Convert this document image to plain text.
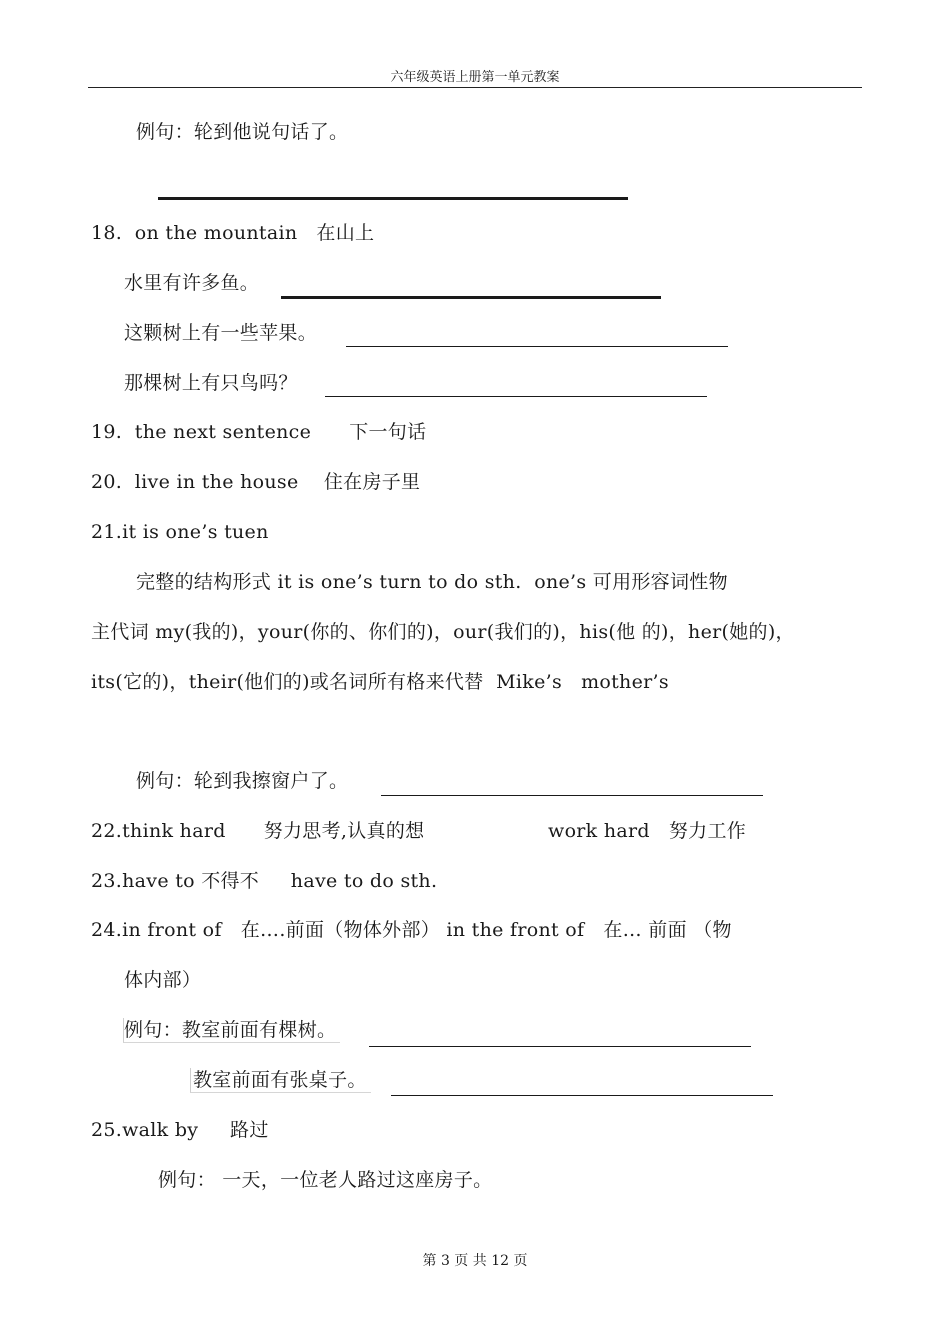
六年级英语上册第一单元教案
例句：轮到他说句话了。
18.  on the mountain   在山上
水里有许多鱼。
这颗树上有一些苹果。
那棵树上有只鸟吗？
19.  the next sentence      下一句话
20.  live in the house    住在房子里
21.it is one’s tuen
完整的结构形式 it is one’s turn to do sth.  one’s 可用形容词性物
主代词 my(我的)，your(你的、你们的)，our(我们的)，his(他 的)，her(她的)，
its(它的)，their(他们的)或名词所有格来代替  Mike’s   mother’s
例句：轮到我擦窗户了。
22.think hard      努力思考,认真的想	work hard   努力工作
23.have to 不得不     have to do sth.
24.in front of   在….前面（物体外部） in the front of   在… 前面 （物
体内部）
例句：教室前面有棵树。
教室前面有张桌子。
25.walk by     路过
例句： 一天，一位老人路过这座房子。
第 3 页 共 12 页
